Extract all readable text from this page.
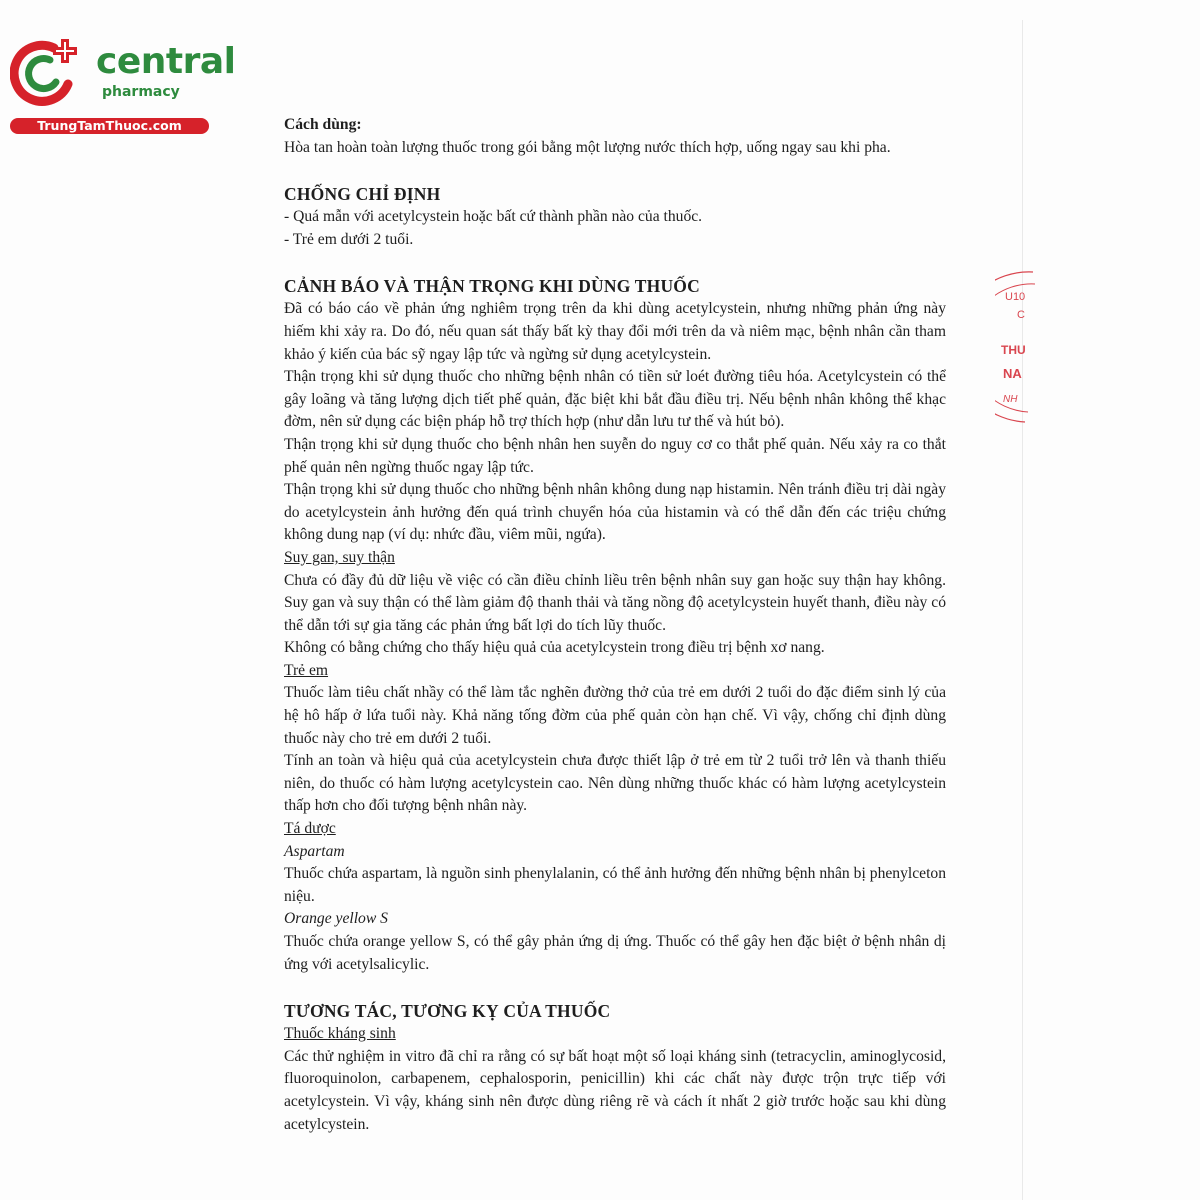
central
pharmacy
TrungTamThuoc.com
U10
C
THU
NA
NH

Cách dùng:

Hòa tan hoàn toàn lượng thuốc trong gói bằng một lượng nước thích hợp, uống ngay sau khi pha.

CHỐNG CHỈ ĐỊNH

- Quá mẫn với acetylcystein hoặc bất cứ thành phần nào của thuốc.

- Trẻ em dưới 2 tuổi.

CẢNH BÁO VÀ THẬN TRỌNG KHI DÙNG THUỐC

Đã có báo cáo về phản ứng nghiêm trọng trên da khi dùng acetylcystein, nhưng những phản ứng này hiếm khi xảy ra. Do đó, nếu quan sát thấy bất kỳ thay đổi mới trên da và niêm mạc, bệnh nhân cần tham khảo ý kiến của bác sỹ ngay lập tức và ngừng sử dụng acetylcystein.

Thận trọng khi sử dụng thuốc cho những bệnh nhân có tiền sử loét đường tiêu hóa. Acetylcystein có thể gây loãng và tăng lượng dịch tiết phế quản, đặc biệt khi bắt đầu điều trị. Nếu bệnh nhân không thể khạc đờm, nên sử dụng các biện pháp hỗ trợ thích hợp (như dẫn lưu tư thế và hút bỏ).

Thận trọng khi sử dụng thuốc cho bệnh nhân hen suyễn do nguy cơ co thắt phế quản. Nếu xảy ra co thắt phế quản nên ngừng thuốc ngay lập tức.

Thận trọng khi sử dụng thuốc cho những bệnh nhân không dung nạp histamin. Nên tránh điều trị dài ngày do acetylcystein ảnh hưởng đến quá trình chuyển hóa của histamin và có thể dẫn đến các triệu chứng không dung nạp (ví dụ: nhức đầu, viêm mũi, ngứa).

Suy gan, suy thận

Chưa có đầy đủ dữ liệu về việc có cần điều chỉnh liều trên bệnh nhân suy gan hoặc suy thận hay không. Suy gan và suy thận có thể làm giảm độ thanh thải và tăng nồng độ acetylcystein huyết thanh, điều này có thể dẫn tới sự gia tăng các phản ứng bất lợi do tích lũy thuốc.

Không có bằng chứng cho thấy hiệu quả của acetylcystein trong điều trị bệnh xơ nang.

Trẻ em

Thuốc làm tiêu chất nhầy có thể làm tắc nghẽn đường thở của trẻ em dưới 2 tuổi do đặc điểm sinh lý của hệ hô hấp ở lứa tuổi này. Khả năng tống đờm của phế quản còn hạn chế. Vì vậy, chống chỉ định dùng thuốc này cho trẻ em dưới 2 tuổi.

Tính an toàn và hiệu quả của acetylcystein chưa được thiết lập ở trẻ em từ 2 tuổi trở lên và thanh thiếu niên, do thuốc có hàm lượng acetylcystein cao. Nên dùng những thuốc khác có hàm lượng acetylcystein thấp hơn cho đối tượng bệnh nhân này.

Tá dược

Aspartam

Thuốc chứa aspartam, là nguồn sinh phenylalanin, có thể ảnh hưởng đến những bệnh nhân bị phenylceton niệu.

Orange yellow S

Thuốc chứa orange yellow S, có thể gây phản ứng dị ứng. Thuốc có thể gây hen đặc biệt ở bệnh nhân dị ứng với acetylsalicylic.

TƯƠNG TÁC, TƯƠNG KỴ CỦA THUỐC

Thuốc kháng sinh

Các thử nghiệm in vitro đã chỉ ra rằng có sự bất hoạt một số loại kháng sinh (tetracyclin, aminoglycosid, fluoroquinolon, carbapenem, cephalosporin, penicillin) khi các chất này được trộn trực tiếp với acetylcystein. Vì vậy, kháng sinh nên được dùng riêng rẽ và cách ít nhất 2 giờ trước hoặc sau khi dùng acetylcystein.
